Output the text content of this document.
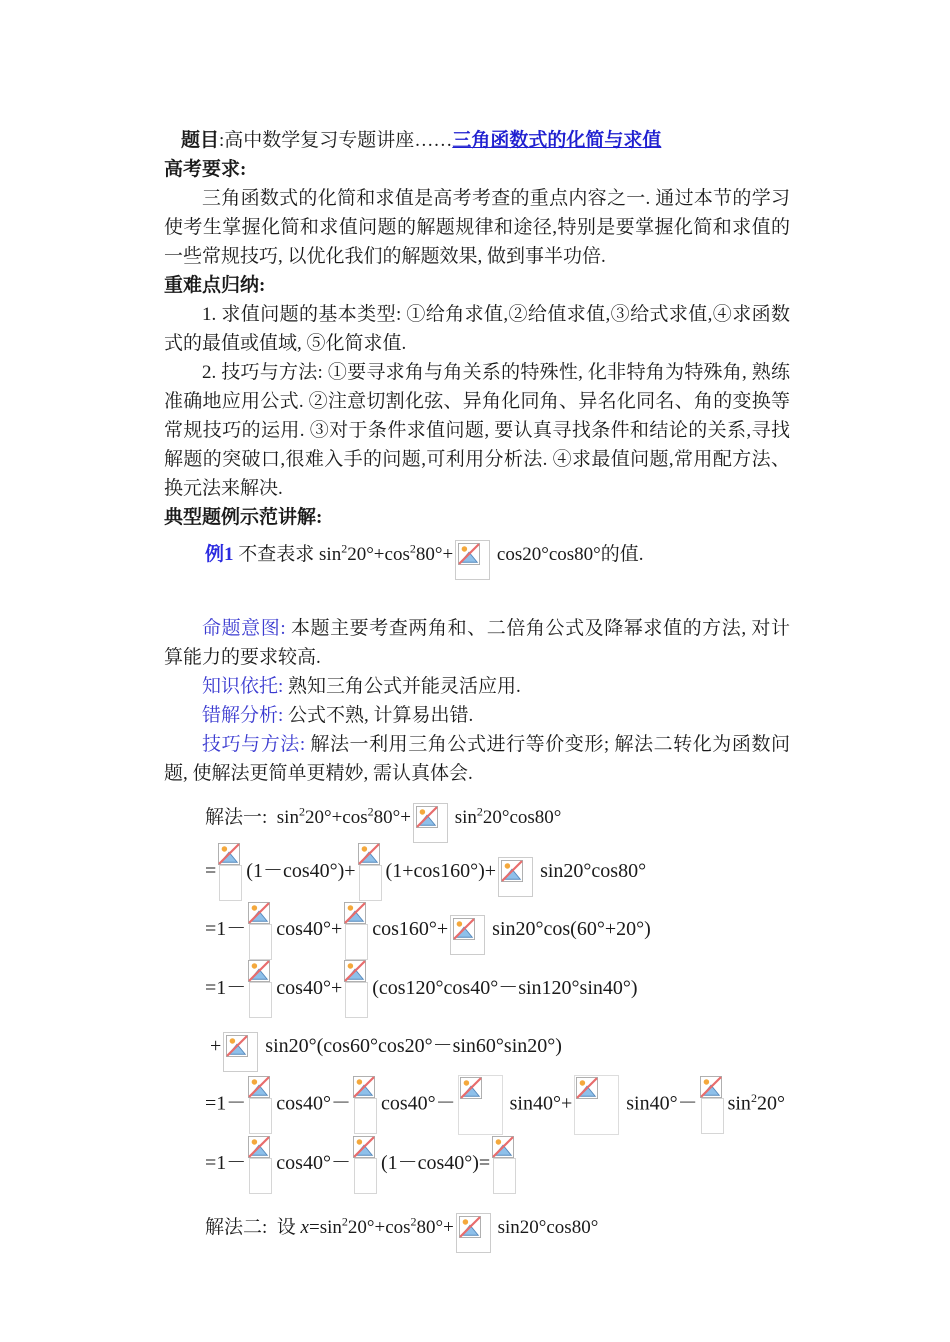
题目:高中数学复习专题讲座……三角函数式的化简与求值

高考要求:

三角函数式的化简和求值是高考考查的重点内容之一. 通过本节的学习使考生掌握化简和求值问题的解题规律和途径,特别是要掌握化简和求值的一些常规技巧, 以优化我们的解题效果, 做到事半功倍.

重难点归纳:

1. 求值问题的基本类型: ①给角求值,②给值求值,③给式求值,④求函数式的最值或值域, ⑤化简求值.

2. 技巧与方法: ①要寻求角与角关系的特殊性, 化非特角为特殊角, 熟练准确地应用公式. ②注意切割化弦、异角化同角、异名化同名、角的变换等常规技巧的运用. ③对于条件求值问题, 要认真寻找条件和结论的关系,寻找解题的突破口,很难入手的问题,可利用分析法. ④求最值问题,常用配方法、换元法来解决.

典型题例示范讲解:

例1 不查表求 $\sin^220^\circ+\cos^280^\circ+$
cos20°cos80°的值.

命题意图: 本题主要考查两角和、二倍角公式及降幂求值的方法, 对计算能力的要求较高.

知识依托: 熟知三角公式并能灵活应用.

错解分析: 公式不熟, 计算易出错.

技巧与方法: 解法一利用三角公式进行等价变形; 解法二转化为函数问题, 使解法更简单更精妙, 需认真体会.

解法一:  $\sin^220^\circ+\cos^280^\circ+$
$\sin^220^\circ\cos 80^\circ$

= (1－cos40°)+ (1+cos160°)+
sin20°cos80°
=1－ cos40°+ cos160°+
sin20°cos(60°+20°)
=1－ cos40°+ (cos120°cos40°－sin120°sin40°)
+
sin20°(cos60°cos20°－sin60°sin20°)
=1－ cos40°－ cos40°－
sin40°+
$\sin 40^\circ- \sin^220^\circ$
=1－ cos40°－ (1－cos40°)=

解法二:  设 $x=\sin^220^\circ+\cos^280^\circ+$
sin20°cos80°
